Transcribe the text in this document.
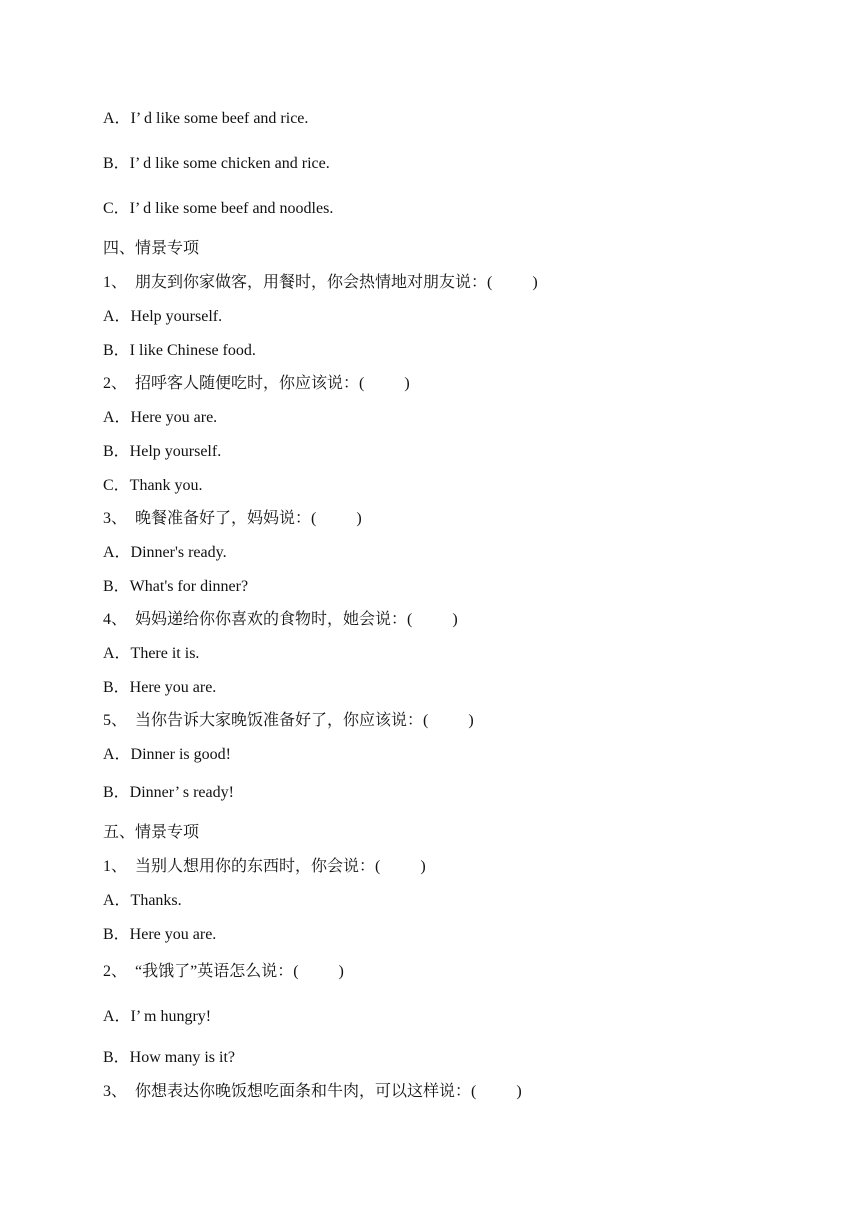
A．I’ d like some beef and rice.
B．I’ d like some chicken and rice.
C．I’ d like some beef and noodles.
四、情景专项
1、  朋友到你家做客，用餐时，你会热情地对朋友说：(          )
A．Help yourself.
B．I like Chinese food.
2、  招呼客人随便吃时，你应该说：(          )
A．Here you are.
B．Help yourself.
C．Thank you.
3、  晚餐准备好了，妈妈说：(          )
A．Dinner's ready.
B．What's for dinner?
4、  妈妈递给你你喜欢的食物时，她会说：(          )
A．There it is.
B．Here you are.
5、  当你告诉大家晚饭准备好了，你应该说：(          )
A．Dinner is good!
B．Dinner’ s ready!
五、情景专项
1、  当别人想用你的东西时，你会说：(          )
A．Thanks.
B．Here you are.
2、  “我饿了”英语怎么说：(          )
A．I’ m hungry!
B．How many is it?
3、  你想表达你晚饭想吃面条和牛肉，可以这样说：(          )
